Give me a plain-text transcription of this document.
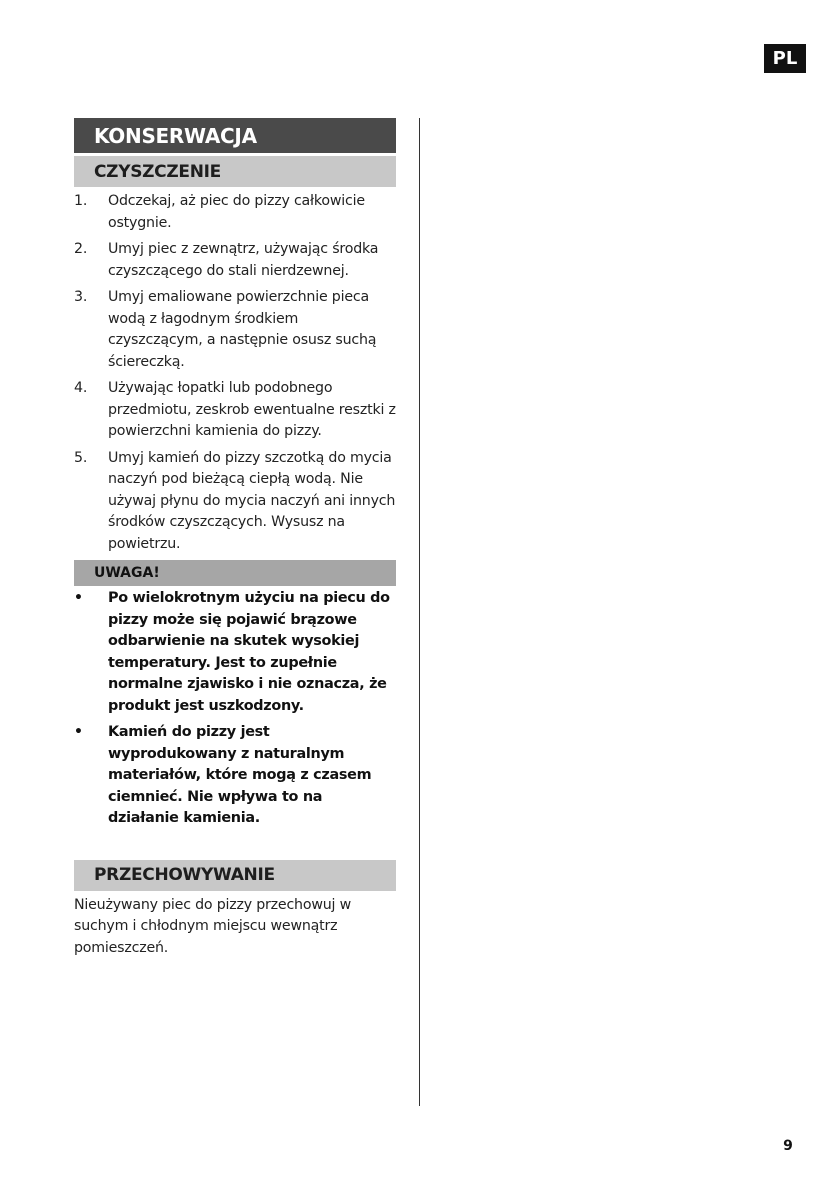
PL
KONSERWACJA
CZYSZCZENIE
1.	Odczekaj, aż piec do pizzy całkowicie ostygnie.
2.	Umyj piec z zewnątrz, używając środka czyszczącego do stali nierdzewnej.
3.	Umyj emaliowane powierzchnie pieca wodą z łagodnym środkiem czyszczącym, a następnie osusz suchą ściereczką.
4.	Używając łopatki lub podobnego przedmiotu, zeskrob ewentualne resztki z powierzchni kamienia do pizzy.
5.	Umyj kamień do pizzy szczotką do mycia naczyń pod bieżącą ciepłą wodą. Nie używaj płynu do mycia naczyń ani innych środków czyszczących. Wysusz na powietrzu.
UWAGA!
•	Po wielokrotnym użyciu na piecu do pizzy może się pojawić brązowe odbarwienie na skutek wysokiej temperatury. Jest to zupełnie normalne zjawisko i nie oznacza, że produkt jest uszkodzony.
•	Kamień do pizzy jest wyprodukowany z naturalnym materiałów, które mogą z czasem ciemnieć. Nie wpływa to na działanie kamienia.
PRZECHOWYWANIE
Nieużywany piec do pizzy przechowuj w suchym i chłodnym miejscu wewnątrz pomieszczeń.
9
